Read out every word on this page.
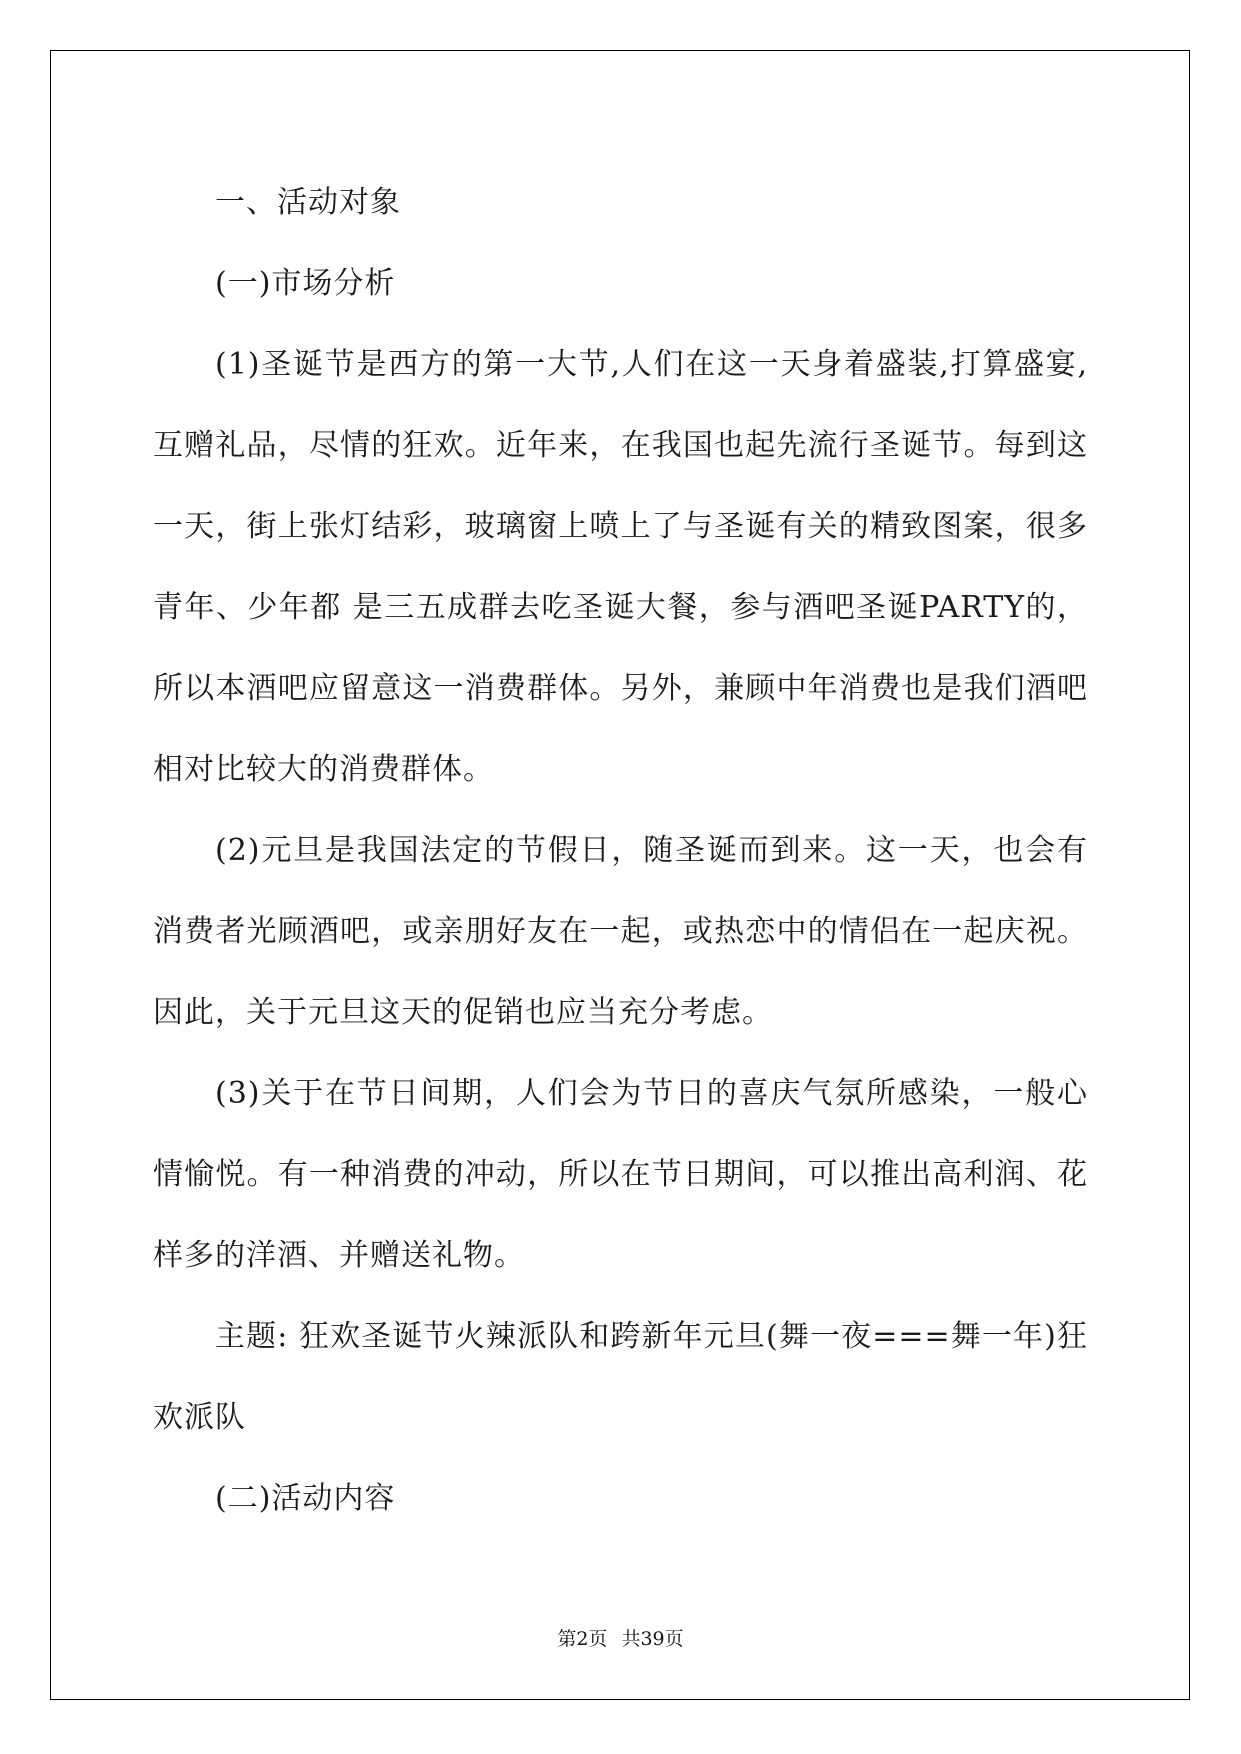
一、活动对象

(一)市场分析

(1)圣诞节是西方的第一大节,人们在这一天身着盛装,打算盛宴,互赠礼品，尽情的狂欢。近年来，在我国也起先流行圣诞节。每到这一天，街上张灯结彩，玻璃窗上喷上了与圣诞有关的精致图案，很多青年、少年都 是三五成群去吃圣诞大餐，参与酒吧圣诞PARTY的，所以本酒吧应留意这一消费群体。另外，兼顾中年消费也是我们酒吧相对比较大的消费群体。

(2)元旦是我国法定的节假日，随圣诞而到来。这一天，也会有消费者光顾酒吧，或亲朋好友在一起，或热恋中的情侣在一起庆祝。因此，关于元旦这天的促销也应当充分考虑。

(3)关于在节日间期，人们会为节日的喜庆气氛所感染，一般心情愉悦。有一种消费的冲动，所以在节日期间，可以推出高利润、花样多的洋酒、并赠送礼物。

主题: 狂欢圣诞节火辣派队和跨新年元旦(舞一夜===舞一年)狂欢派队

(二)活动内容

第2页 共39页
